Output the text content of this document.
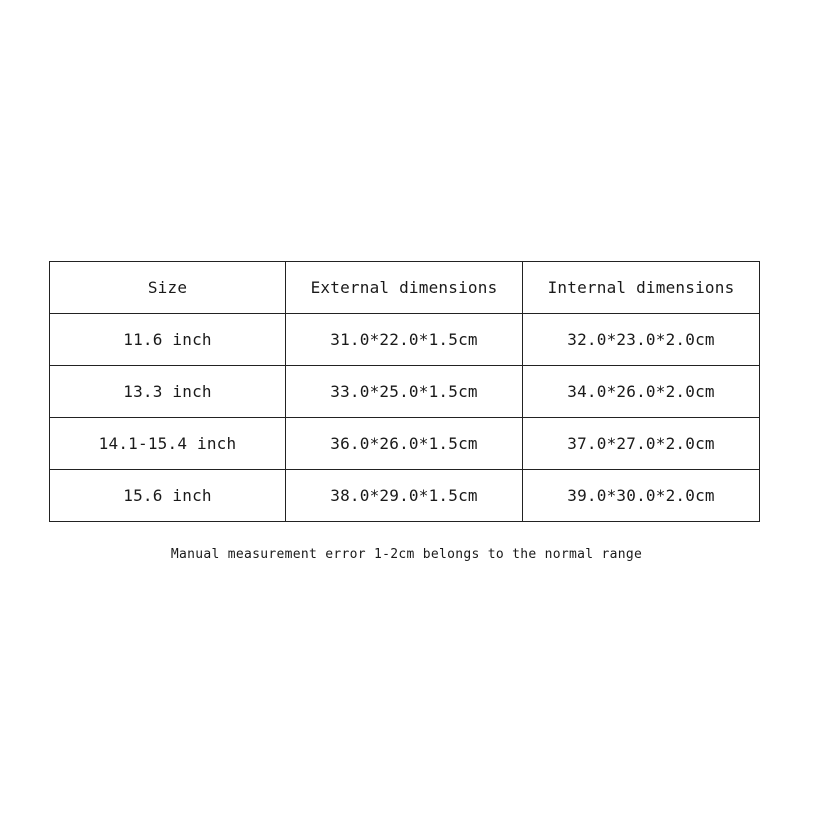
Size	External dimensions	Internal dimensions
11.6 inch	31.0*22.0*1.5cm	32.0*23.0*2.0cm
13.3 inch	33.0*25.0*1.5cm	34.0*26.0*2.0cm
14.1-15.4 inch	36.0*26.0*1.5cm	37.0*27.0*2.0cm
15.6 inch	38.0*29.0*1.5cm	39.0*30.0*2.0cm
Manual measurement error 1-2cm belongs to the normal range
